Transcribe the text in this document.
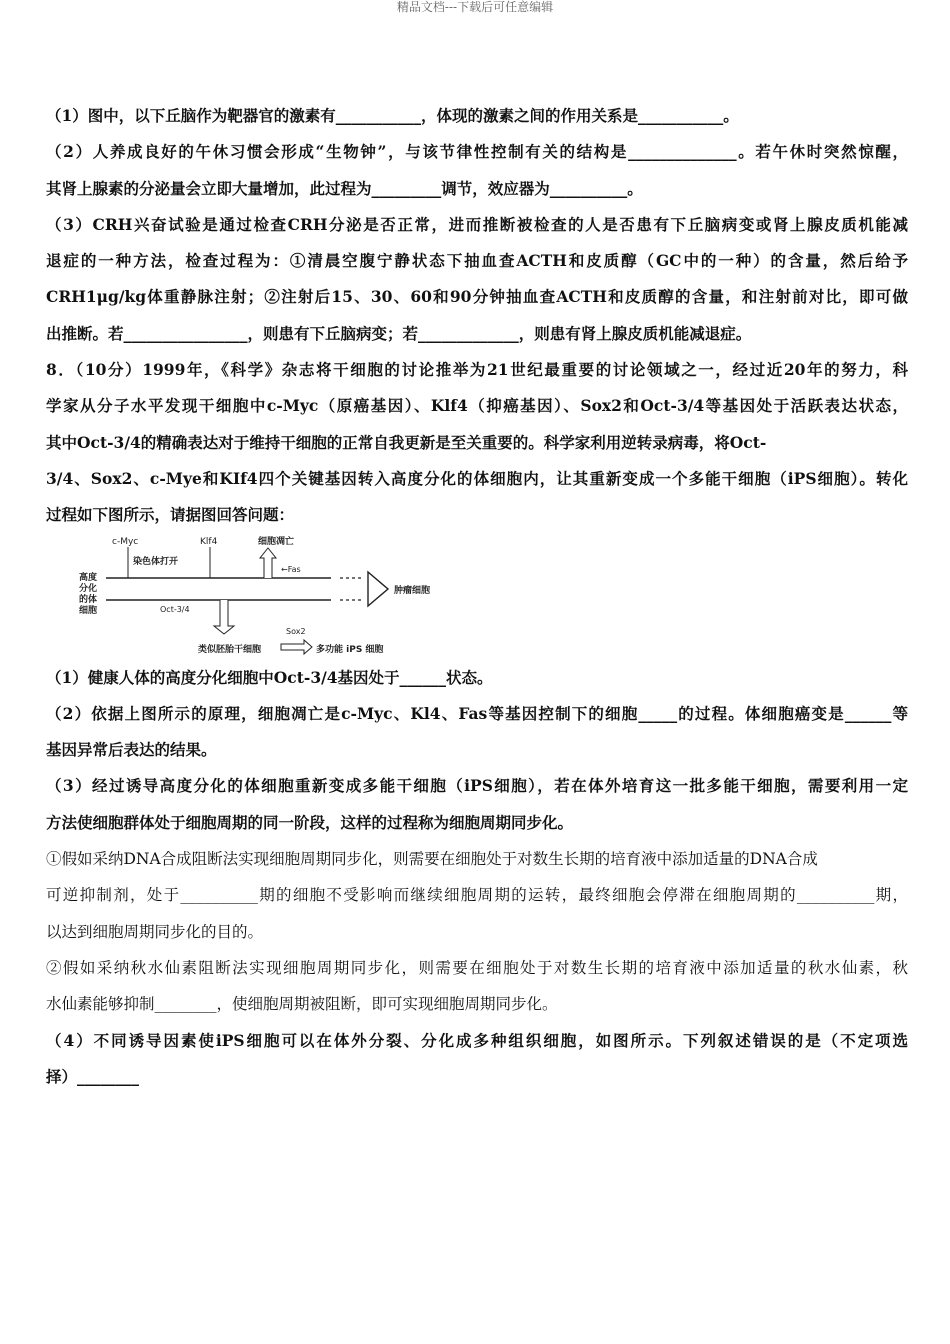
精品文档---下载后可任意编辑
（1）图中，以下丘脑作为靶器官的激素有___________，体现的激素之间的作用关系是___________。
（2）人养成良好的午休习惯会形成“生物钟”，与该节律性控制有关的结构是______________。若午休时突然惊醒，
其肾上腺素的分泌量会立即大量增加，此过程为_________调节，效应器为__________。
（3）CRH兴奋试验是通过检查CRH分泌是否正常，进而推断被检查的人是否患有下丘脑病变或肾上腺皮质机能减
退症的一种方法，检查过程为：①清晨空腹宁静状态下抽血查ACTH和皮质醇（GC中的一种）的含量，然后给予
CRH1μg/kg体重静脉注射；②注射后15、30、60和90分钟抽血查ACTH和皮质醇的含量，和注射前对比，即可做
出推断。若________________，则患有下丘脑病变；若_____________，则患有肾上腺皮质机能减退症。
8．（10分）1999年，《科学》杂志将干细胞的讨论推举为21世纪最重要的讨论领域之一，经过近20年的努力，科
学家从分子水平发现干细胞中c-Myc（原癌基因）、Klf4（抑癌基因）、Sox2和Oct-3/4等基因处于活跃表达状态，
其中Oct-3/4的精确表达对于维持干细胞的正常自我更新是至关重要的。科学家利用逆转录病毒，将Oct-
3/4、Sox2、c-Mye和KIf4四个关键基因转入高度分化的体细胞内，让其重新变成一个多能干细胞（iPS细胞）。转化
过程如下图所示，请据图回答问题：
高度
分化
的体
细胞
肿瘤细胞
c-Myc
染色体打开
Klf4	细胞凋亡
←Fas
Oct-3/4
类似胚胎干细胞
Sox2
多功能 iPS 细胞
（1）健康人体的高度分化细胞中Oct-3/4基因处于______状态。
（2）依据上图所示的原理，细胞凋亡是c-Myc、Kl4、Fas等基因控制下的细胞_____的过程。体细胞癌变是______等
基因异常后表达的结果。
（3）经过诱导高度分化的体细胞重新变成多能干细胞（iPS细胞），若在体外培育这一批多能干细胞，需要利用一定
方法使细胞群体处于细胞周期的同一阶段，这样的过程称为细胞周期同步化。
①假如采纳DNA合成阻断法实现细胞周期同步化，则需要在细胞处于对数生长期的培育液中添加适量的DNA合成
可逆抑制剂，处于__________期的细胞不受影响而继续细胞周期的运转，最终细胞会停滞在细胞周期的__________期，
以达到细胞周期同步化的目的。
②假如采纳秋水仙素阻断法实现细胞周期同步化，则需要在细胞处于对数生长期的培育液中添加适量的秋水仙素，秋
水仙素能够抑制________，使细胞周期被阻断，即可实现细胞周期同步化。
（4）不同诱导因素使iPS细胞可以在体外分裂、分化成多种组织细胞，如图所示。下列叙述错误的是（不定项选
择）________
